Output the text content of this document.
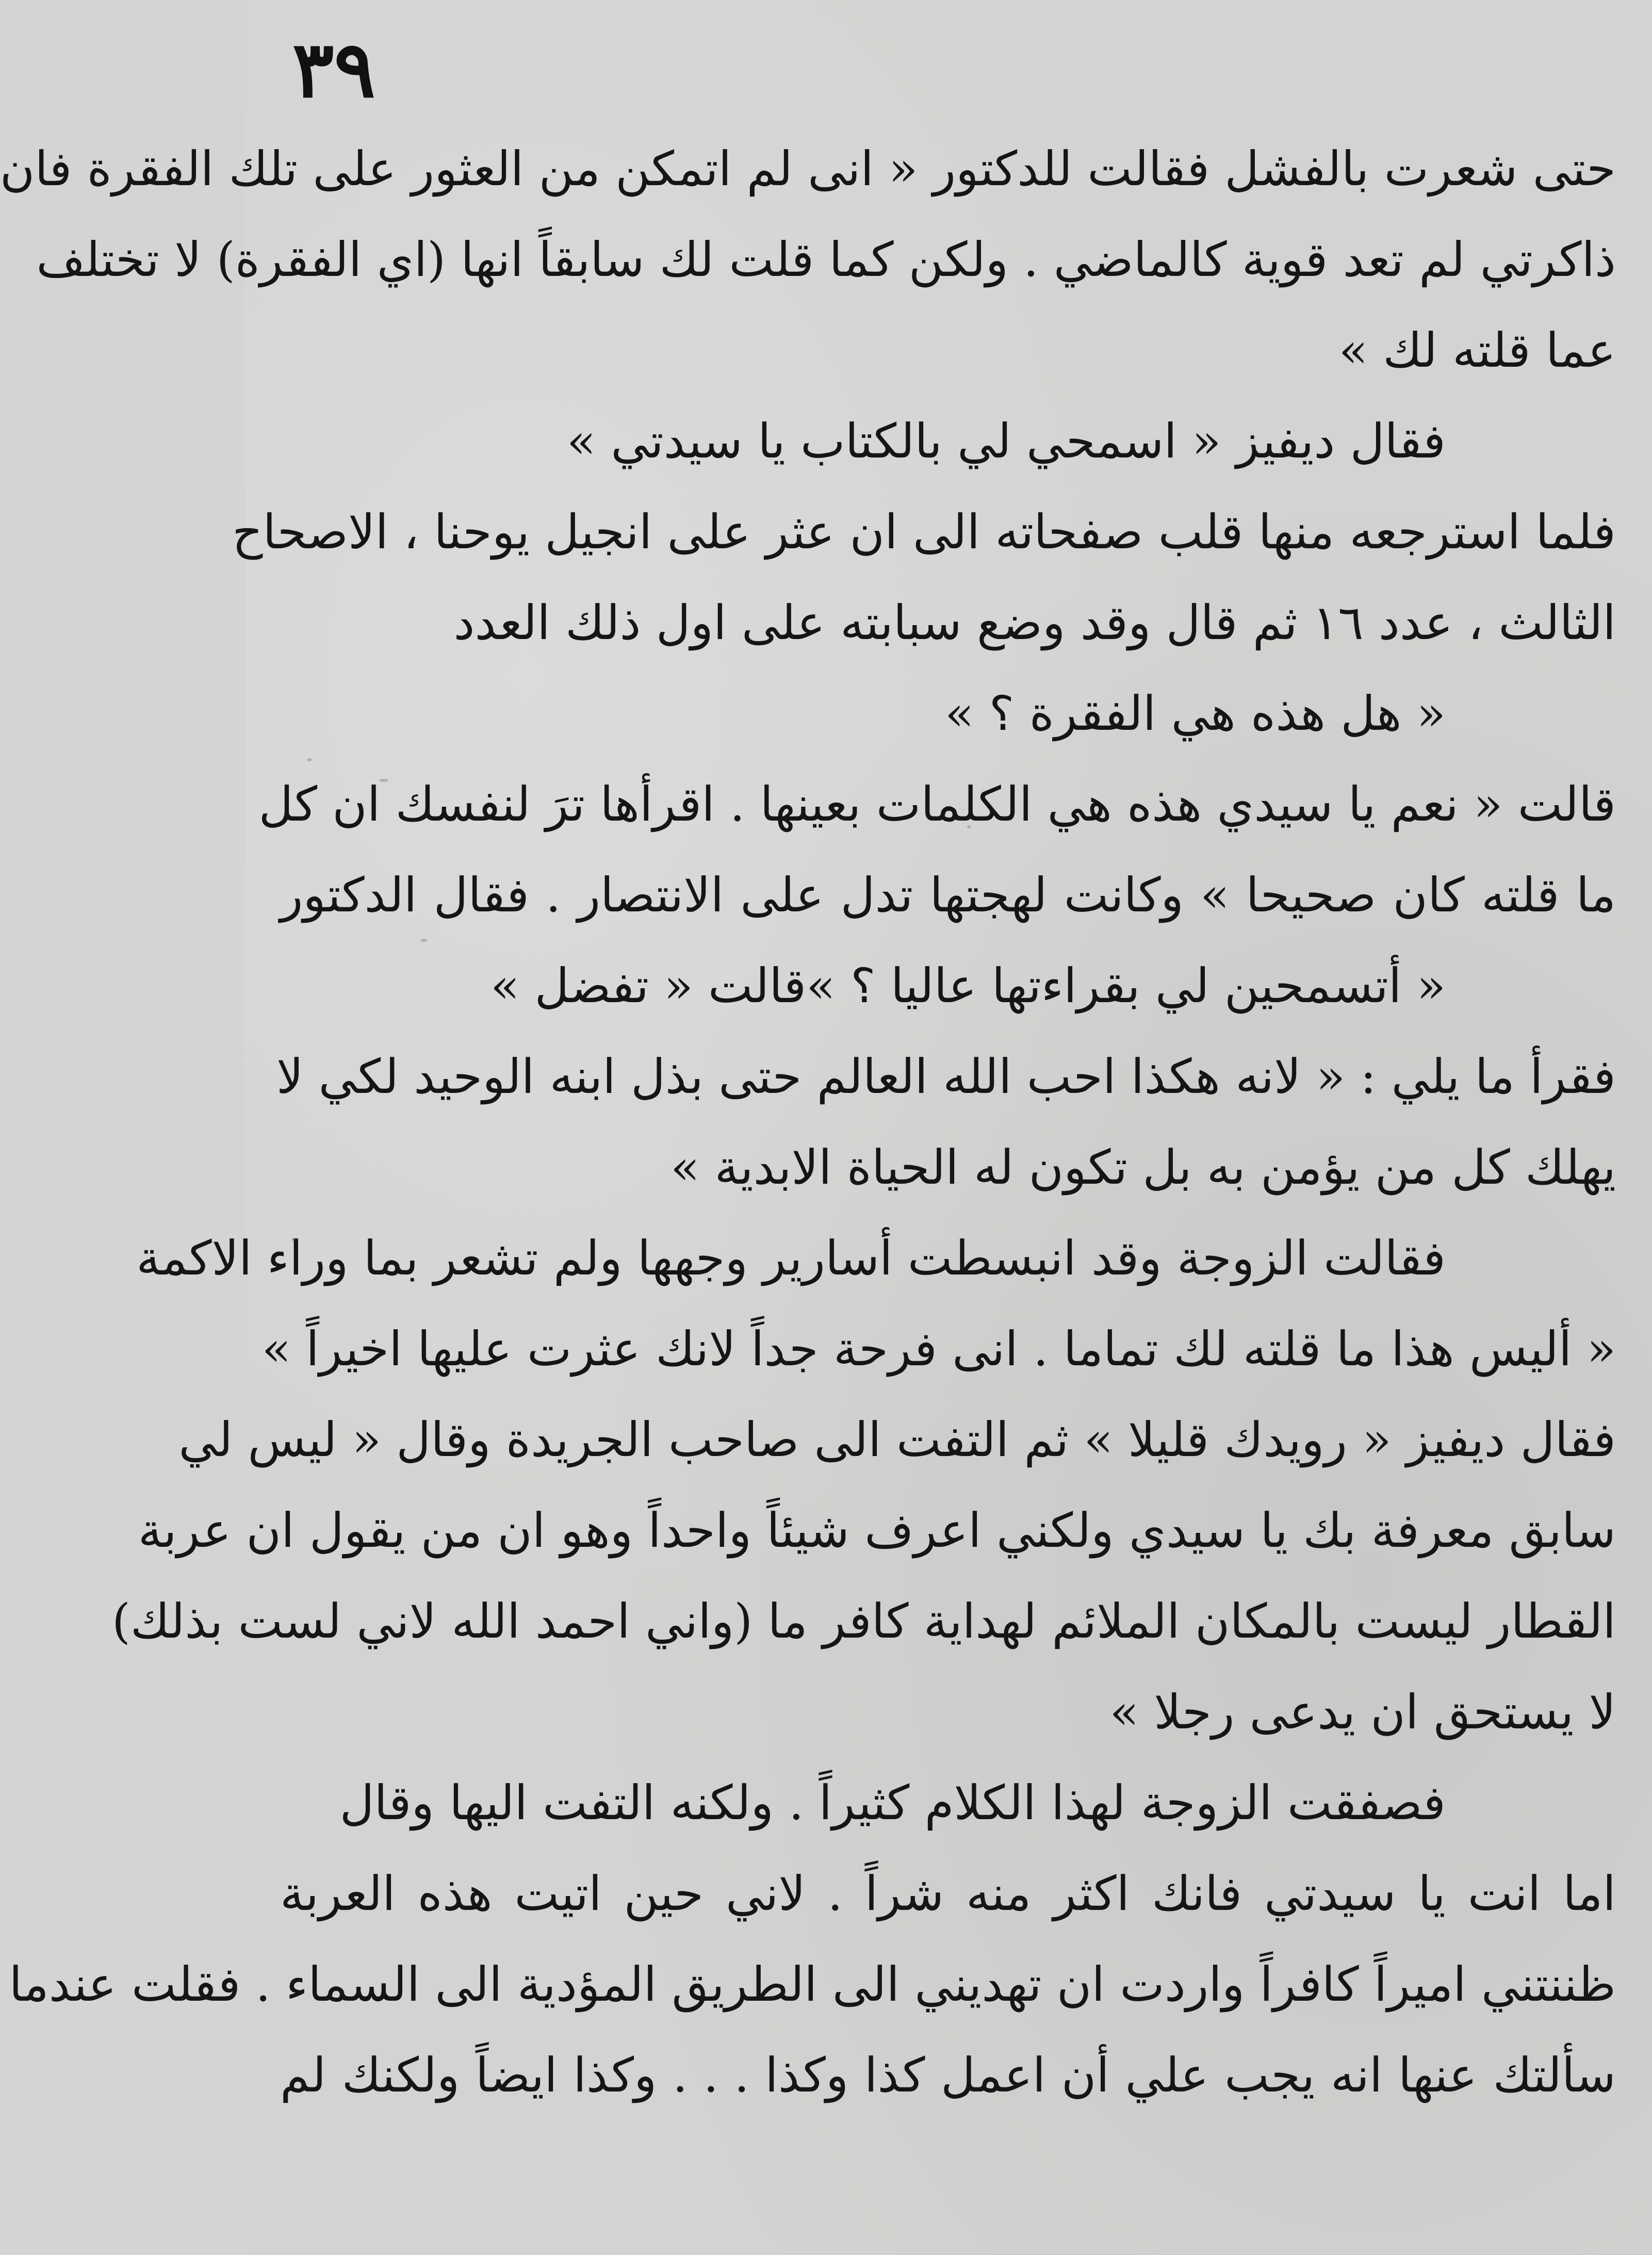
٣٩
حتى شعرت بالفشل فقالت للدكتور « انى لم اتمكن من العثور على تلك الفقرة فان
ذاكرتي لم تعد قوية كالماضي . ولكن كما قلت لك سابقاً انها (اي الفقرة) لا تختلف
عما قلته لك »
فقال ديفيز « اسمحي لي بالكتاب يا سيدتي »
فلما استرجعه منها قلب صفحاته الى ان عثر على انجيل يوحنا ، الاصحاح
الثالث ، عدد ١٦ ثم قال وقد وضع سبابته على اول ذلك العدد
« هل هذه هي الفقرة ؟ »
قالت « نعم يا سيدي هذه هي الكلمات بعينها . اقرأها ترَ لنفسك ان كل
ما قلته كان صحيحا » وكانت لهجتها تدل على الانتصار . فقال الدكتور
« أتسمحين لي بقراءتها عاليا ؟ »
قالت « تفضل »
فقرأ ما يلي : « لانه هكذا احب الله العالم حتى بذل ابنه الوحيد لكي لا
يهلك كل من يؤمن به بل تكون له الحياة الابدية »
فقالت الزوجة وقد انبسطت أسارير وجهها ولم تشعر بما وراء الاكمة
« أليس هذا ما قلته لك تماما . انى فرحة جداً لانك عثرت عليها اخيراً »
فقال ديفيز « رويدك قليلا » ثم التفت الى صاحب الجريدة وقال « ليس لي
سابق معرفة بك يا سيدي ولكني اعرف شيئاً واحداً وهو ان من يقول ان عربة
القطار ليست بالمكان الملائم لهداية كافر ما (واني احمد الله لاني لست بذلك)
لا يستحق ان يدعى رجلا »
فصفقت الزوجة لهذا الكلام كثيراً . ولكنه التفت اليها وقال
اما انت يا سيدتي فانك اكثر منه شراً . لاني حين اتيت هذه العربة
ظننتني اميراً كافراً واردت ان تهديني الى الطريق المؤدية الى السماء . فقلت عندما
سألتك عنها انه يجب علي أن اعمل كذا وكذا . . . وكذا ايضاً ولكنك لم
